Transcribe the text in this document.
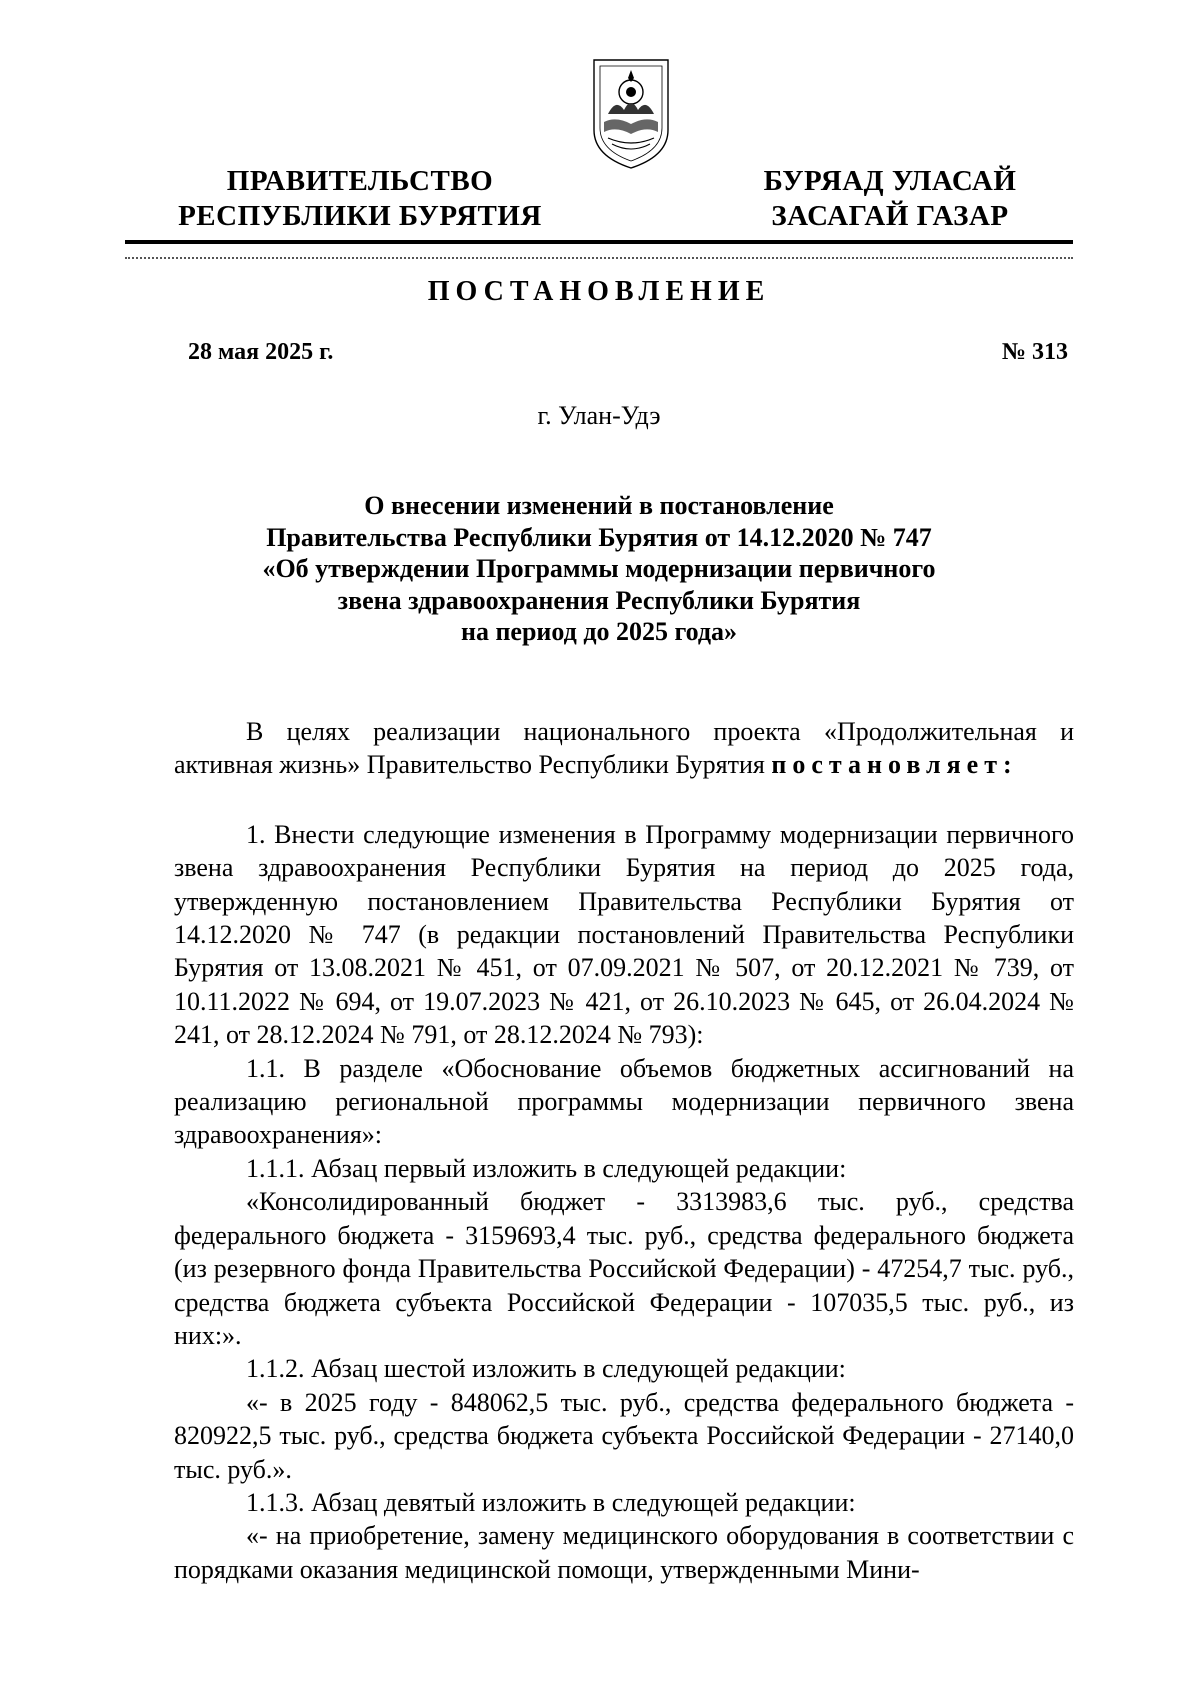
ПРАВИТЕЛЬСТВО
РЕСПУБЛИКИ БУРЯТИЯ
БУРЯАД УЛАСАЙ
ЗАСАГАЙ ГАЗАР
ПОСТАНОВЛЕНИЕ
28 мая 2025 г.	№ 313
г. Улан-Удэ
О внесении изменений в постановление
Правительства Республики Бурятия от 14.12.2020 № 747
«Об утверждении Программы модернизации первичного
звена здравоохранения Республики Бурятия
на период до 2025 года»

В целях реализации национального проекта «Продолжительная и активная жизнь» Правительство Республики Бурятия постановляет:

1. Внести следующие изменения в Программу модернизации первичного звена здравоохранения Республики Бурятия на период до 2025 года, утвержденную постановлением Правительства Республики Бурятия от 14.12.2020 № 747 (в редакции постановлений Правительства Республики Бурятия от 13.08.2021 № 451, от 07.09.2021 № 507, от 20.12.2021 № 739, от 10.11.2022 № 694, от 19.07.2023 № 421, от 26.10.2023 № 645, от 26.04.2024 № 241, от 28.12.2024 № 791, от 28.12.2024 № 793):

1.1. В разделе «Обоснование объемов бюджетных ассигнований на реализацию региональной программы модернизации первичного звена здравоохранения»:

1.1.1. Абзац первый изложить в следующей редакции:

«Консолидированный бюджет - 3313983,6 тыс. руб., средства федерального бюджета - 3159693,4 тыс. руб., средства федерального бюджета (из резервного фонда Правительства Российской Федерации) - 47254,7 тыс. руб., средства бюджета субъекта Российской Федерации - 107035,5 тыс. руб., из них:».

1.1.2. Абзац шестой изложить в следующей редакции:

«- в 2025 году - 848062,5 тыс. руб., средства федерального бюджета - 820922,5 тыс. руб., средства бюджета субъекта Российской Федерации - 27140,0 тыс. руб.».

1.1.3. Абзац девятый изложить в следующей редакции:

«- на приобретение, замену медицинского оборудования в соответствии с порядками оказания медицинской помощи, утвержденными Мини-
